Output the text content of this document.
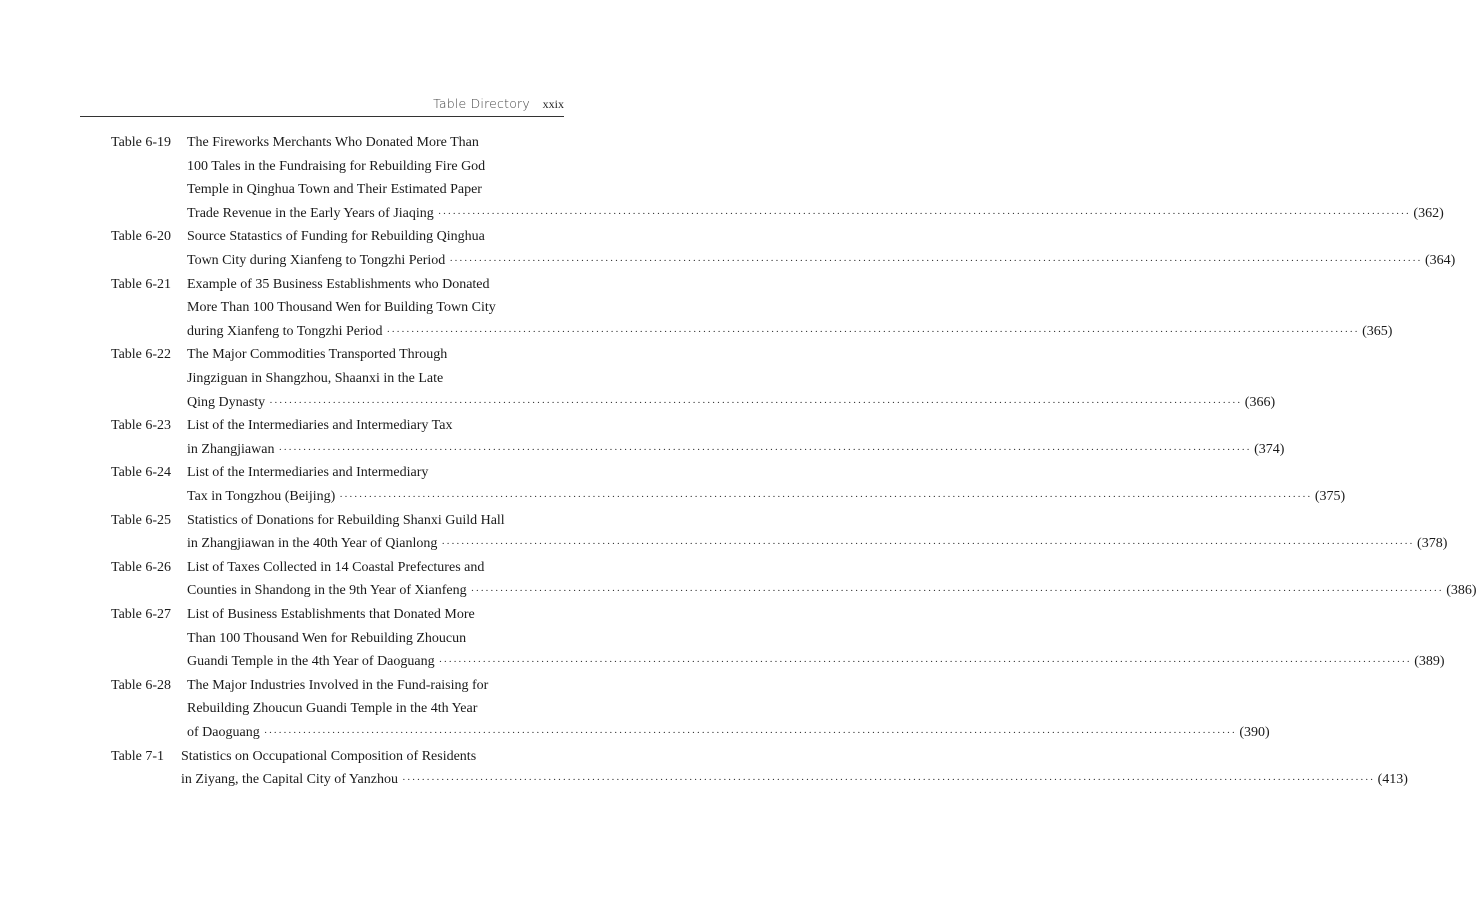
Table Directory xxix
Table 6-19 The Fireworks Merchants Who Donated More Than
100 Tales in the Fundraising for Rebuilding Fire God
Temple in Qinghua Town and Their Estimated Paper
Trade Revenue in the Early Years of Jiaqing ········································································································································································································ (362)
Table 6-20 Source Statastics of Funding for Rebuilding Qinghua
Town City during Xianfeng to Tongzhi Period ········································································································································································································ (364)
Table 6-21 Example of 35 Business Establishments who Donated
More Than 100 Thousand Wen for Building Town City
during Xianfeng to Tongzhi Period ········································································································································································································ (365)
Table 6-22 The Major Commodities Transported Through
Jingziguan in Shangzhou, Shaanxi in the Late
Qing Dynasty ········································································································································································································ (366)
Table 6-23 List of the Intermediaries and Intermediary Tax
in Zhangjiawan ········································································································································································································ (374)
Table 6-24 List of the Intermediaries and Intermediary
Tax in Tongzhou (Beijing) ········································································································································································································ (375)
Table 6-25 Statistics of Donations for Rebuilding Shanxi Guild Hall
in Zhangjiawan in the 40th Year of Qianlong ········································································································································································································ (378)
Table 6-26 List of Taxes Collected in 14 Coastal Prefectures and
Counties in Shandong in the 9th Year of Xianfeng ········································································································································································································ (386)
Table 6-27 List of Business Establishments that Donated More
Than 100 Thousand Wen for Rebuilding Zhoucun
Guandi Temple in the 4th Year of Daoguang ········································································································································································································ (389)
Table 6-28 The Major Industries Involved in the Fund-raising for
Rebuilding Zhoucun Guandi Temple in the 4th Year
of Daoguang ········································································································································································································ (390)
Table 7-1 Statistics on Occupational Composition of Residents
in Ziyang, the Capital City of Yanzhou ········································································································································································································ (413)
